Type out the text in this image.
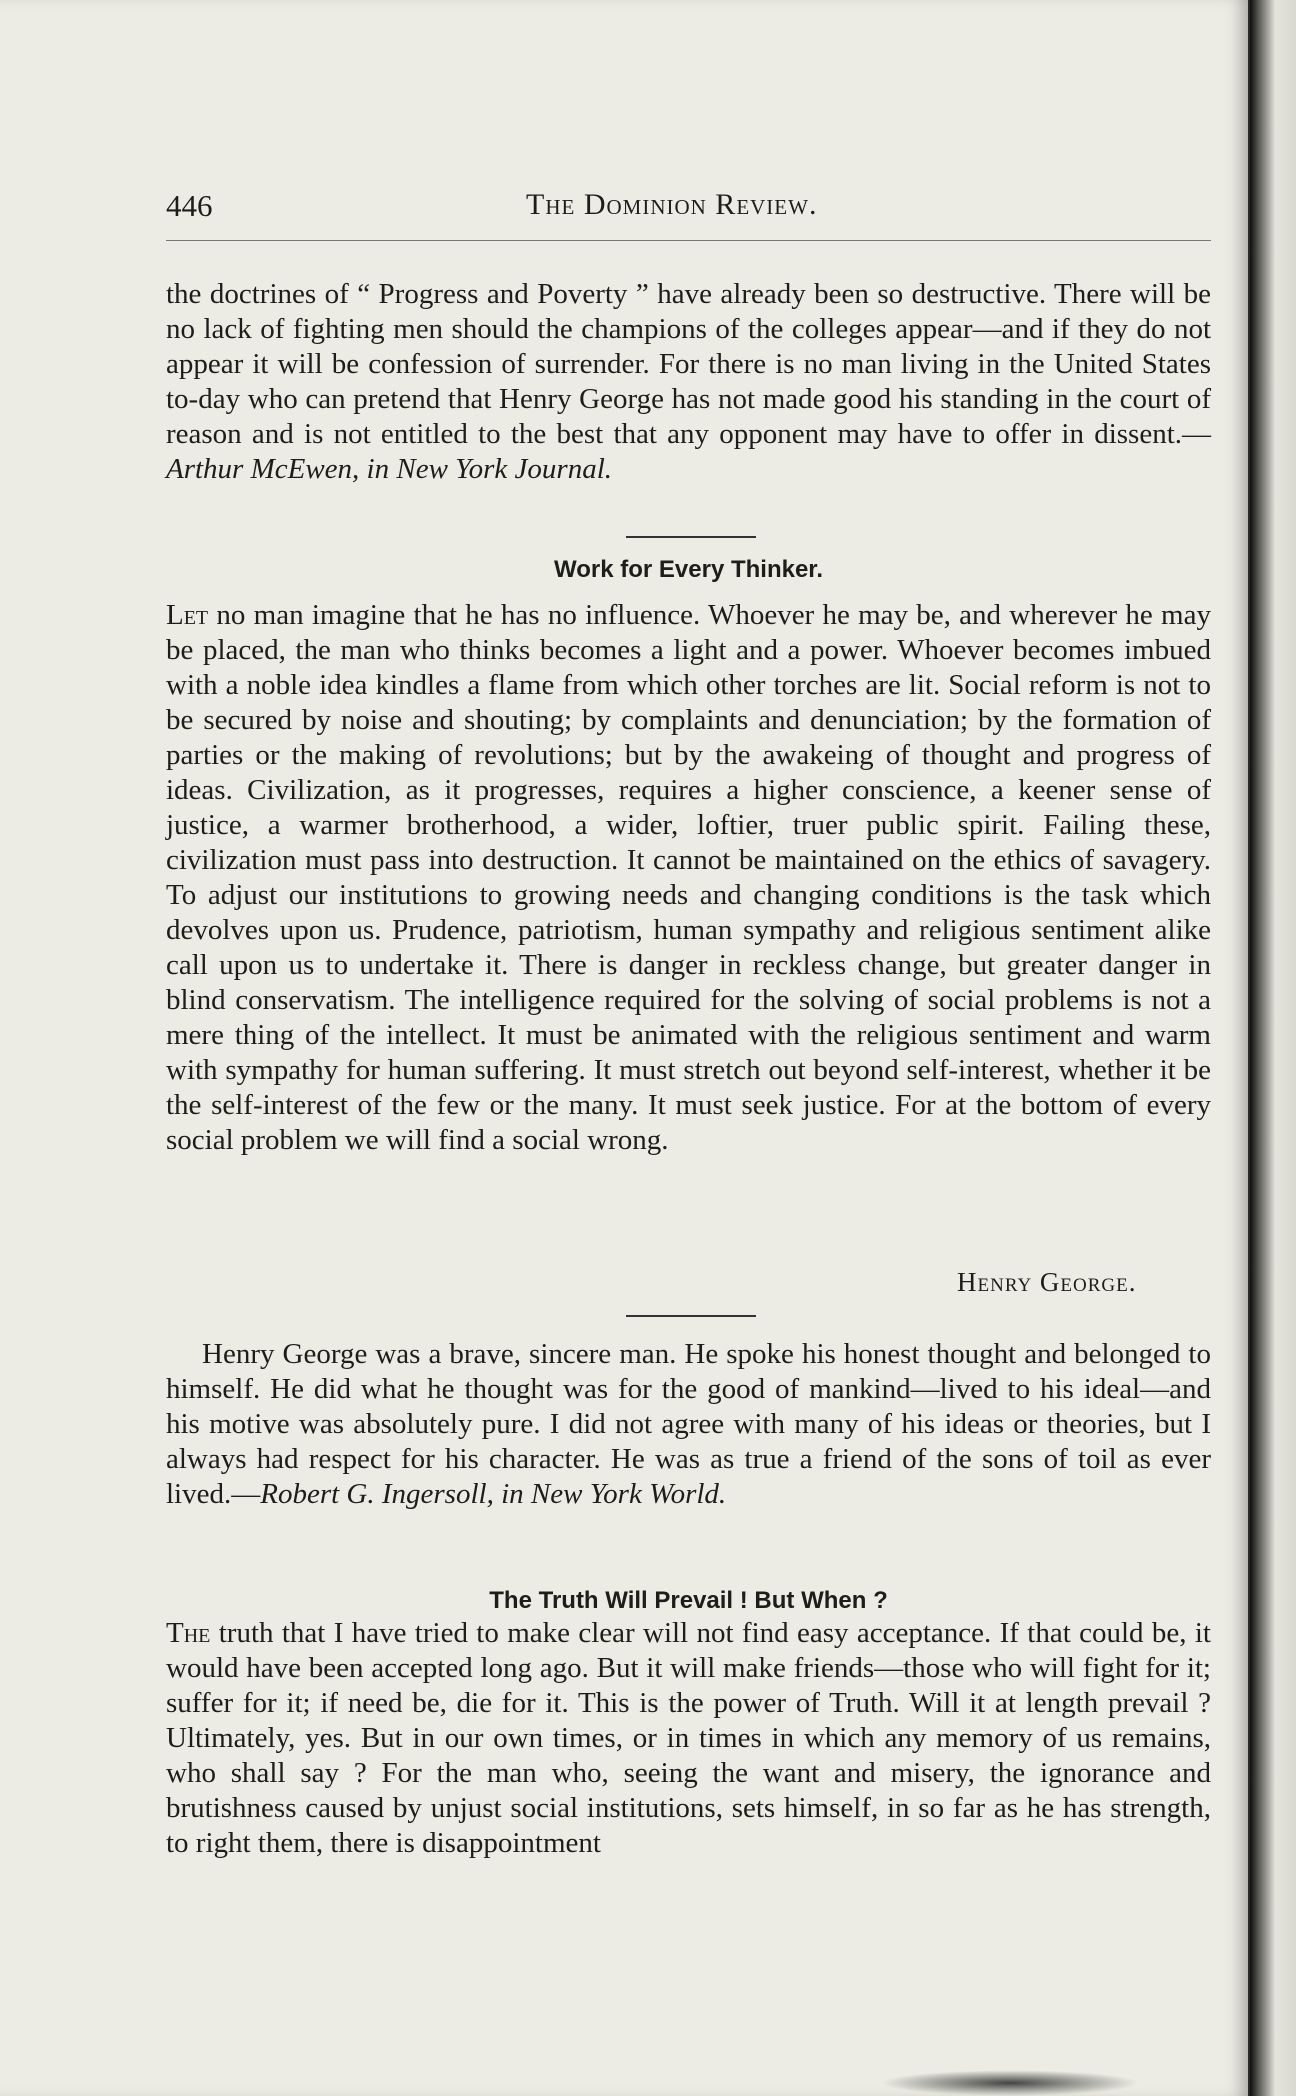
446	The Dominion Review.

the doctrines of “ Progress and Poverty ” have already been so destructive. There will be no lack of fighting men should the champions of the colleges appear—and if they do not appear it will be confession of surrender. For there is no man living in the United States to-day who can pretend that Henry George has not made good his standing in the court of reason and is not entitled to the best that any opponent may have to offer in dissent.—Arthur McEwen, in New York Journal.

Work for Every Thinker.

Let no man imagine that he has no influence. Whoever he may be, and wherever he may be placed, the man who thinks becomes a light and a power. Whoever becomes imbued with a noble idea kindles a flame from which other torches are lit. Social reform is not to be secured by noise and shouting; by complaints and denunciation; by the formation of parties or the making of revolutions; but by the awakeing of thought and progress of ideas. Civilization, as it progresses, requires a higher conscience, a keener sense of justice, a warmer brotherhood, a wider, loftier, truer public spirit. Failing these, civilization must pass into destruction. It cannot be maintained on the ethics of savagery. To adjust our institutions to growing needs and changing conditions is the task which devolves upon us. Prudence, patriotism, human sympathy and religious sentiment alike call upon us to undertake it. There is danger in reckless change, but greater danger in blind conservatism. The intelligence required for the solving of social problems is not a mere thing of the intellect. It must be animated with the religious sentiment and warm with sympathy for human suffering. It must stretch out beyond self-interest, whether it be the self-interest of the few or the many. It must seek justice. For at the bottom of every social problem we will find a social wrong.

Henry George.

Henry George was a brave, sincere man. He spoke his honest thought and belonged to himself. He did what he thought was for the good of mankind—lived to his ideal—and his motive was absolutely pure. I did not agree with many of his ideas or theories, but I always had respect for his character. He was as true a friend of the sons of toil as ever lived.—Robert G. Ingersoll, in New York World.

The Truth Will Prevail ! But When ?

The truth that I have tried to make clear will not find easy acceptance. If that could be, it would have been accepted long ago. But it will make friends—those who will fight for it; suffer for it; if need be, die for it. This is the power of Truth. Will it at length prevail ? Ultimately, yes. But in our own times, or in times in which any memory of us remains, who shall say ? For the man who, seeing the want and misery, the ignorance and brutishness caused by unjust social institutions, sets himself, in so far as he has strength, to right them, there is disappointment
